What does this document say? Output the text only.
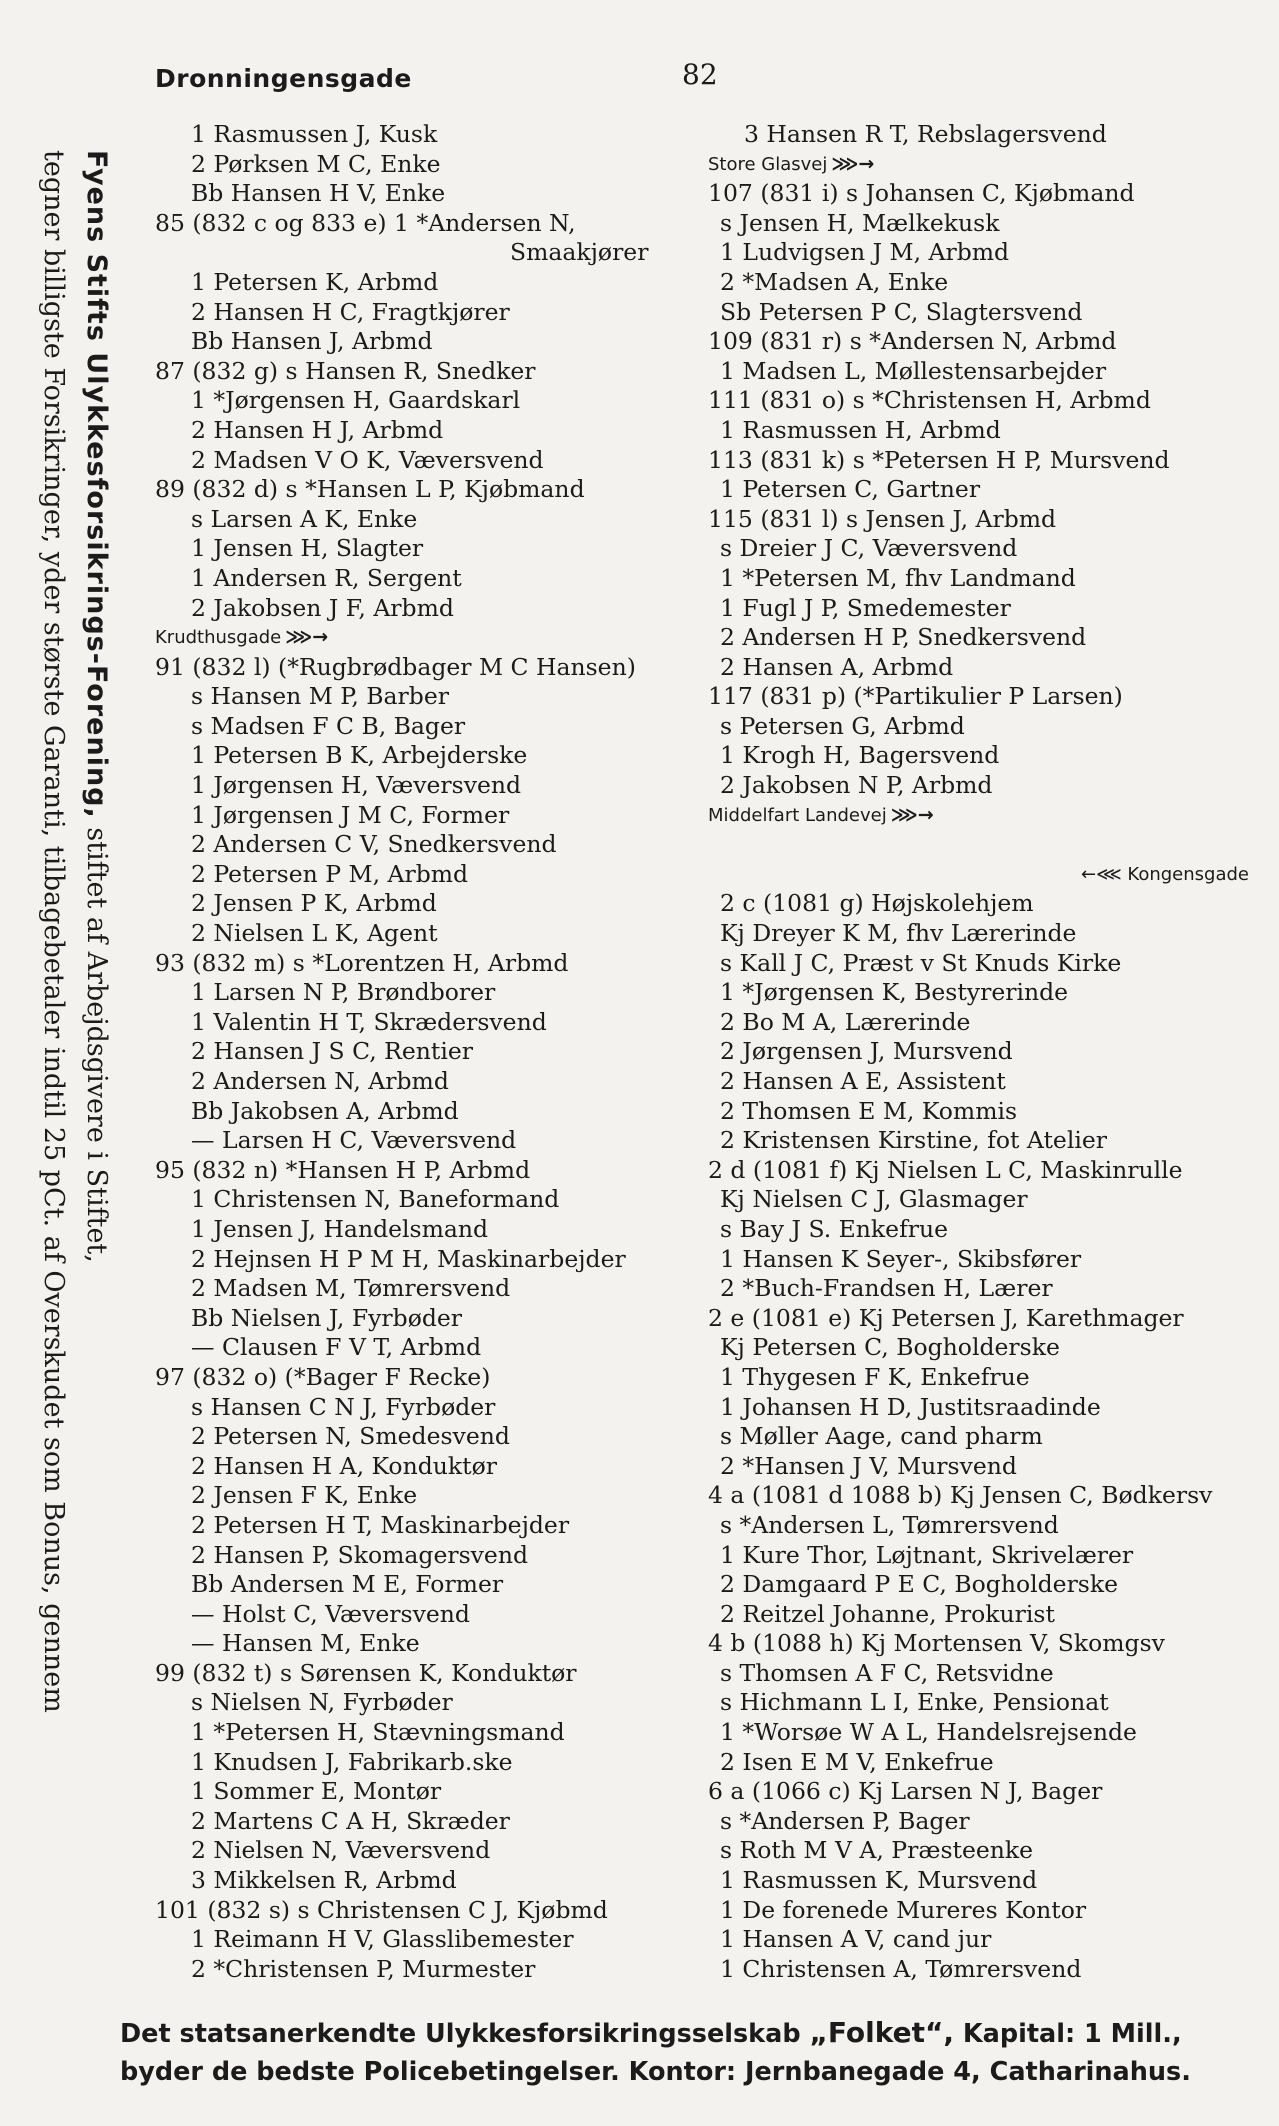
Dronningensgade	82
Fyens Stifts Ulykkesforsikrings-Forening, stiftet af Arbejdsgivere i Stiftet,
tegner billigste Forsikringer, yder største Garanti, tilbagebetaler indtil 25 pCt. af Overskudet som Bonus, gennem
1 Rasmussen J, Kusk
2 Pørksen M C, Enke
Bb Hansen H V, Enke
85 (832 c og 833 e) 1 *Andersen N,
Smaakjører
1 Petersen K, Arbmd
2 Hansen H C, Fragtkjører
Bb Hansen J, Arbmd
87 (832 g) s Hansen R, Snedker
1 *Jørgensen H, Gaardskarl
2 Hansen H J, Arbmd
2 Madsen V O K, Væversvend
89 (832 d) s *Hansen L P, Kjøbmand
s Larsen A K, Enke
1 Jensen H, Slagter
1 Andersen R, Sergent
2 Jakobsen J F, Arbmd
Krudthusgade ⋙→
91 (832 l) (*Rugbrødbager M C Hansen)
s Hansen M P, Barber
s Madsen F C B, Bager
1 Petersen B K, Arbejderske
1 Jørgensen H, Væversvend
1 Jørgensen J M C, Former
2 Andersen C V, Snedkersvend
2 Petersen P M, Arbmd
2 Jensen P K, Arbmd
2 Nielsen L K, Agent
93 (832 m) s *Lorentzen H, Arbmd
1 Larsen N P, Brøndborer
1 Valentin H T, Skrædersvend
2 Hansen J S C, Rentier
2 Andersen N, Arbmd
Bb Jakobsen A, Arbmd
— Larsen H C, Væversvend
95 (832 n) *Hansen H P, Arbmd
1 Christensen N, Baneformand
1 Jensen J, Handelsmand
2 Hejnsen H P M H, Maskinarbejder
2 Madsen M, Tømrersvend
Bb Nielsen J, Fyrbøder
— Clausen F V T, Arbmd
97 (832 o) (*Bager F Recke)
s Hansen C N J, Fyrbøder
2 Petersen N, Smedesvend
2 Hansen H A, Konduktør
2 Jensen F K, Enke
2 Petersen H T, Maskinarbejder
2 Hansen P, Skomagersvend
Bb Andersen M E, Former
— Holst C, Væversvend
— Hansen M, Enke
99 (832 t) s Sørensen K, Konduktør
s Nielsen N, Fyrbøder
1 *Petersen H, Stævningsmand
1 Knudsen J, Fabrikarb.ske
1 Sommer E, Montør
2 Martens C A H, Skræder
2 Nielsen N, Væversvend
3 Mikkelsen R, Arbmd
101 (832 s) s Christensen C J, Kjøbmd
1 Reimann H V, Glasslibemester
2 *Christensen P, Murmester
3 Hansen R T, Rebslagersvend
Store Glasvej ⋙→
107 (831 i) s Johansen C, Kjøbmand
s Jensen H, Mælkekusk
1 Ludvigsen J M, Arbmd
2 *Madsen A, Enke
Sb Petersen P C, Slagtersvend
109 (831 r) s *Andersen N, Arbmd
1 Madsen L, Møllestensarbejder
111 (831 o) s *Christensen H, Arbmd
1 Rasmussen H, Arbmd
113 (831 k) s *Petersen H P, Mursvend
1 Petersen C, Gartner
115 (831 l) s Jensen J, Arbmd
s Dreier J C, Væversvend
1 *Petersen M, fhv Landmand
1 Fugl J P, Smedemester
2 Andersen H P, Snedkersvend
2 Hansen A, Arbmd
117 (831 p) (*Partikulier P Larsen)
s Petersen G, Arbmd
1 Krogh H, Bagersvend
2 Jakobsen N P, Arbmd
Middelfart Landevej ⋙→
←⋘ Kongensgade
2 c (1081 g) Højskolehjem
Kj Dreyer K M, fhv Lærerinde
s Kall J C, Præst v St Knuds Kirke
1 *Jørgensen K, Bestyrerinde
2 Bo M A, Lærerinde
2 Jørgensen J, Mursvend
2 Hansen A E, Assistent
2 Thomsen E M, Kommis
2 Kristensen Kirstine, fot Atelier
2 d (1081 f) Kj Nielsen L C, Maskinrulle
Kj Nielsen C J, Glasmager
s Bay J S. Enkefrue
1 Hansen K Seyer-, Skibsfører
2 *Buch-Frandsen H, Lærer
2 e (1081 e) Kj Petersen J, Karethmager
Kj Petersen C, Bogholderske
1 Thygesen F K, Enkefrue
1 Johansen H D, Justitsraadinde
s Møller Aage, cand pharm
2 *Hansen J V, Mursvend
4 a (1081 d 1088 b) Kj Jensen C, Bødkersv
s *Andersen L, Tømrersvend
1 Kure Thor, Løjtnant, Skrivelærer
2 Damgaard P E C, Bogholderske
2 Reitzel Johanne, Prokurist
4 b (1088 h) Kj Mortensen V, Skomgsv
s Thomsen A F C, Retsvidne
s Hichmann L I, Enke, Pensionat
1 *Worsøe W A L, Handelsrejsende
2 Isen E M V, Enkefrue
6 a (1066 c) Kj Larsen N J, Bager
s *Andersen P, Bager
s Roth M V A, Præsteenke
1 Rasmussen K, Mursvend
1 De forenede Mureres Kontor
1 Hansen A V, cand jur
1 Christensen A, Tømrersvend
Det statsanerkendte Ulykkesforsikringsselskab „Folket“, Kapital: 1 Mill.,
byder de bedste Policebetingelser. Kontor: Jernbanegade 4, Catharinahus.
